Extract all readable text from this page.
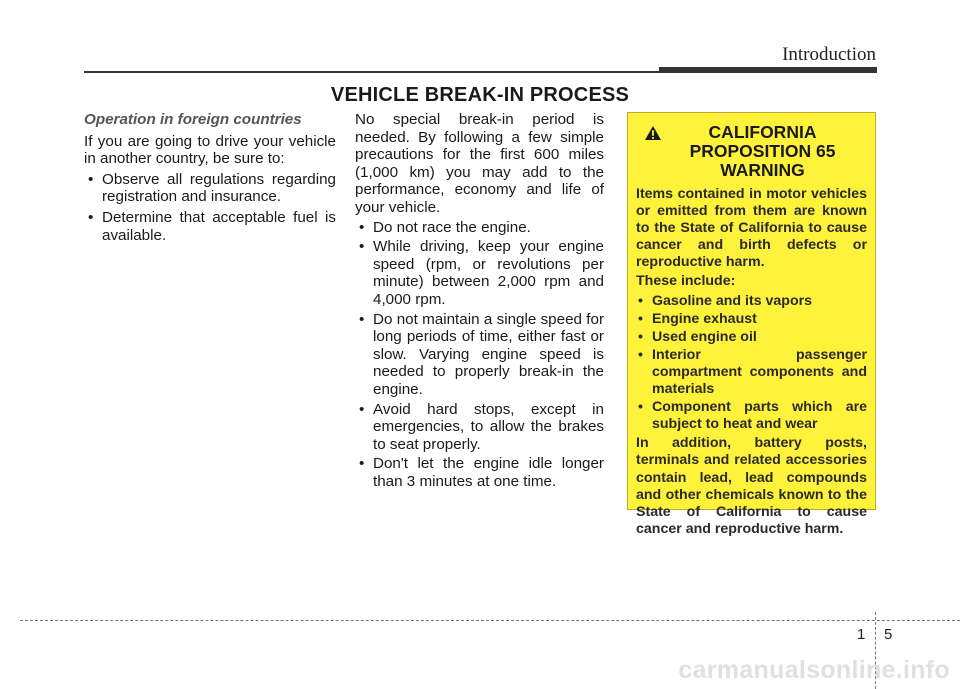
Introduction
VEHICLE BREAK-IN PROCESS
Operation in foreign countries

If you are going to drive your vehicle in another country, be sure to:

• Observe all regulations regarding registration and insurance.
• Determine that acceptable fuel is available.

No special break-in period is needed. By following a few simple precautions for the first 600 miles (1,000 km) you may add to the performance, economy and life of your vehicle.

• Do not race the engine.
• While driving, keep your engine speed (rpm, or revolutions per minute) between 2,000 rpm and 4,000 rpm.
• Do not maintain a single speed for long periods of time, either fast or slow. Varying engine speed is needed to properly break-in the engine.
• Avoid hard stops, except in emergencies, to allow the brakes to seat properly.
• Don't let the engine idle longer than 3 minutes at one time.
CALIFORNIA PROPOSITION 65 WARNING

Items contained in motor vehicles or emitted from them are known to the State of California to cause cancer and birth defects or reproductive harm.

These include:

• Gasoline and its vapors
• Engine exhaust
• Used engine oil
• Interior passenger compartment components and materials
• Component parts which are subject to heat and wear

In addition, battery posts, terminals and related accessories contain lead, lead compounds and other chemicals known to the State of California to cause cancer and reproductive harm.

1 5
carmanualsonline.info
